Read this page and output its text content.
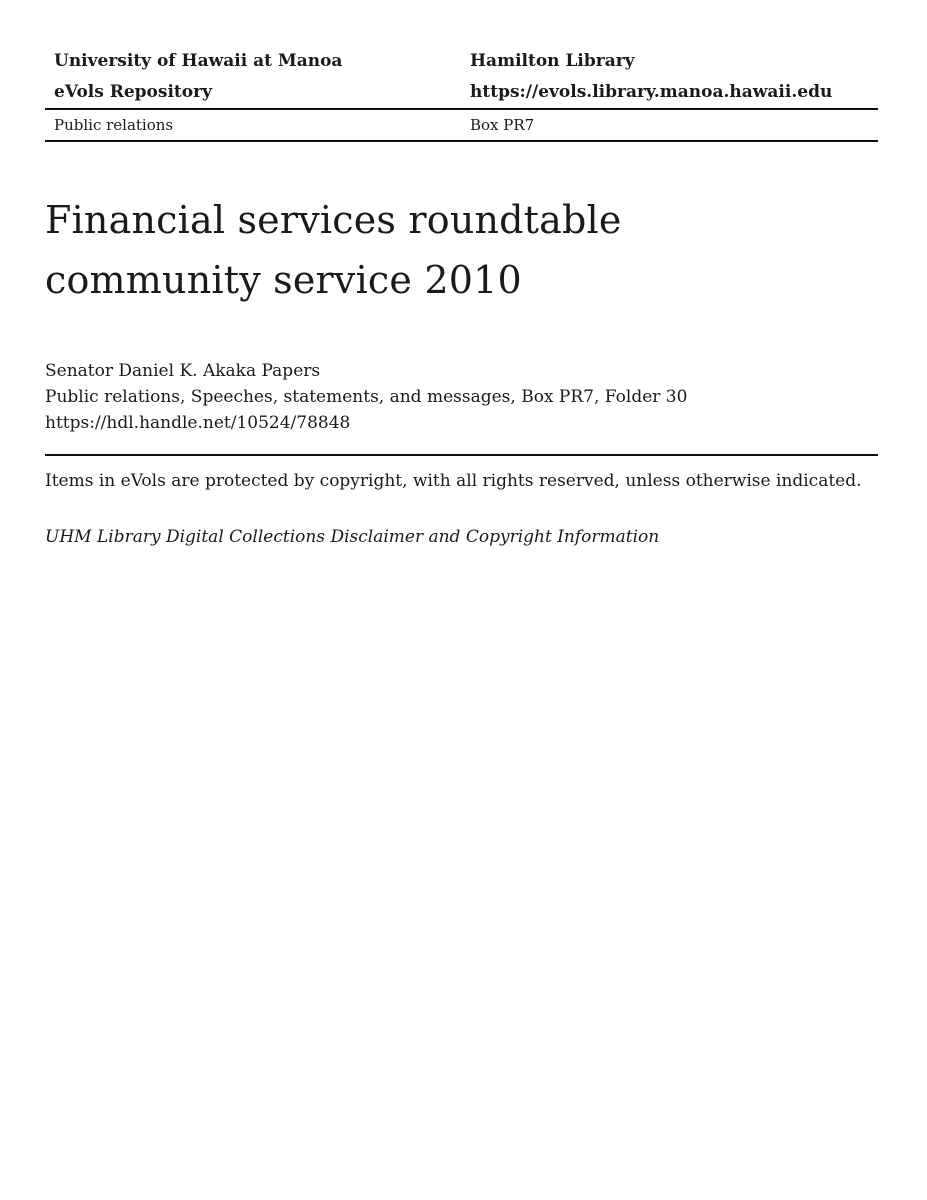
University of Hawaii at Manoa
eVols Repository
Hamilton Library
https://evols.library.manoa.hawaii.edu
Public relations	Box PR7
Financial services roundtable community service 2010
Senator Daniel K. Akaka Papers
Public relations, Speeches, statements, and messages, Box PR7, Folder 30
https://hdl.handle.net/10524/78848
Items in eVols are protected by copyright, with all rights reserved, unless otherwise indicated.
UHM Library Digital Collections Disclaimer and Copyright Information
